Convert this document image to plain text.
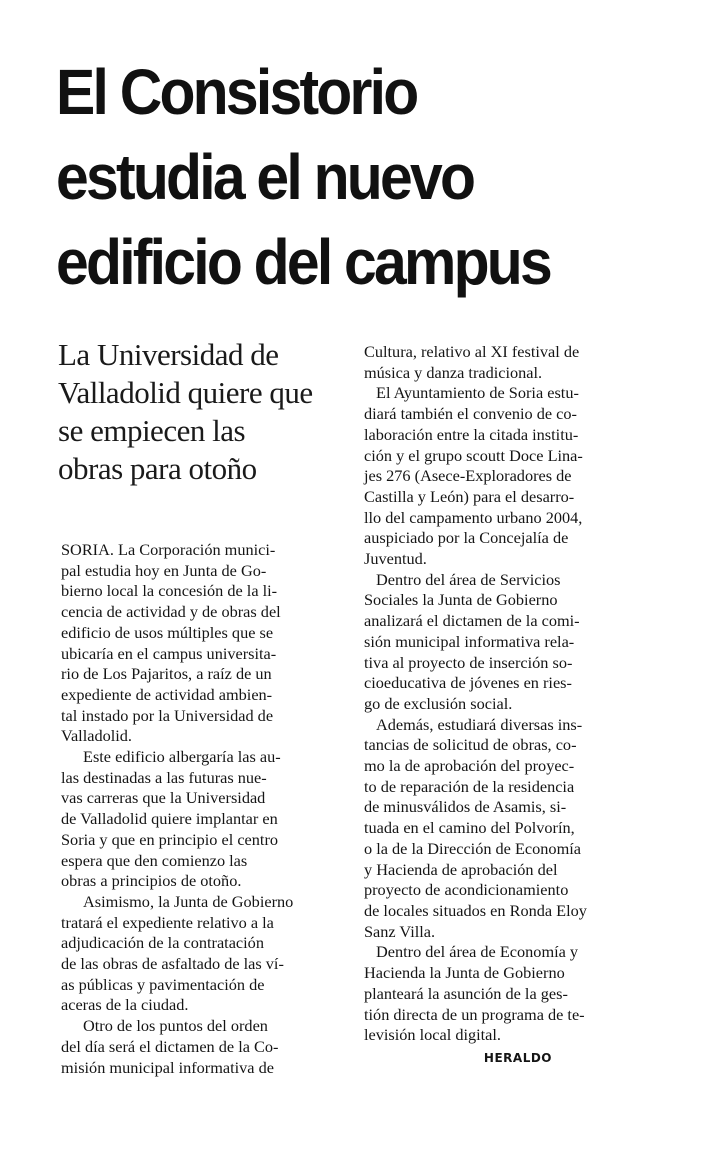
El Consistorio
estudia el nuevo
edificio del campus
La Universidad de
Valladolid quiere que
se empiecen las
obras para otoño
SORIA. La Corporación munici-
pal estudia hoy en Junta de Go-
bierno local la concesión de la li-
cencia de actividad y de obras del
edificio de usos múltiples que se
ubicaría en el campus universita-
rio de Los Pajaritos, a raíz de un
expediente de actividad ambien-
tal instado por la Universidad de
Valladolid.
Este edificio albergaría las au-
las destinadas a las futuras nue-
vas carreras que la Universidad
de Valladolid quiere implantar en
Soria y que en principio el centro
espera que den comienzo las
obras a principios de otoño.
Asimismo, la Junta de Gobierno
tratará el expediente relativo a la
adjudicación de la contratación
de las obras de asfaltado de las ví-
as públicas y pavimentación de
aceras de la ciudad.
Otro de los puntos del orden
del día será el dictamen de la Co-
misión municipal informativa de
Cultura, relativo al XI festival de
música y danza tradicional.
El Ayuntamiento de Soria estu-
diará también el convenio de co-
laboración entre la citada institu-
ción y el grupo scoutt Doce Lina-
jes 276 (Asece-Exploradores de
Castilla y León) para el desarro-
llo del campamento urbano 2004,
auspiciado por la Concejalía de
Juventud.
Dentro del área de Servicios
Sociales la Junta de Gobierno
analizará el dictamen de la comi-
sión municipal informativa rela-
tiva al proyecto de inserción so-
cioeducativa de jóvenes en ries-
go de exclusión social.
Además, estudiará diversas ins-
tancias de solicitud de obras, co-
mo la de aprobación del proyec-
to de reparación de la residencia
de minusválidos de Asamis, si-
tuada en el camino del Polvorín,
o la de la Dirección de Economía
y Hacienda de aprobación del
proyecto de acondicionamiento
de locales situados en Ronda Eloy
Sanz Villa.
Dentro del área de Economía y
Hacienda la Junta de Gobierno
planteará la asunción de la ges-
tión directa de un programa de te-
levisión local digital.
HERALDO
